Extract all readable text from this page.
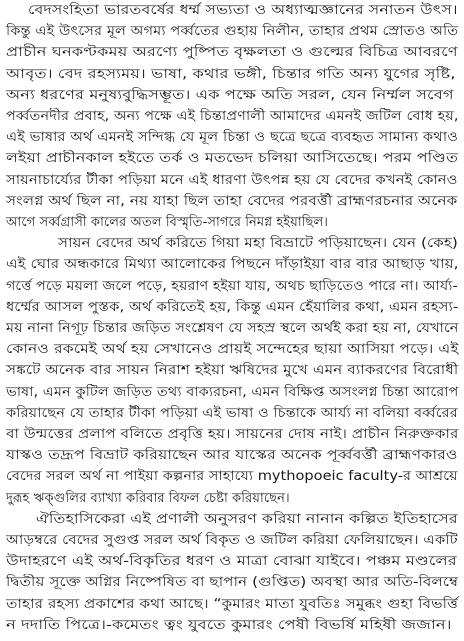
বেদসংহিতা ভারতবর্ষের ধর্ম্ম সভ্যতা ও অধ্যাত্মজ্ঞানের সনাতন উৎস।
কিন্তু এই উৎসের মূল অগম্য পর্ব্বতের গুহায় নিলীন, তাহার প্রথম স্রোতও অতি
প্রাচীন ঘনকণ্টকময় অরণ্যে পুষ্পিত বৃক্ষলতা ও গুল্মের বিচিত্র আবরণে
আবৃত। বেদ রহস্যময়। ভাষা, কথার ভঙ্গী, চিন্তার গতি অন্য যুগের সৃষ্টি,
অন্য ধরণের মনুষ্যবুদ্ধিসম্ভূত। এক পক্ষে অতি সরল, যেন নির্ম্মল সবেগ
পর্ব্বতনদীর প্রবাহ, অন্য পক্ষে এই চিন্তাপ্রণালী আমাদের এমনই জটিল বোধ হয়,
এই ভাষার অর্থ এমনই সন্দিগ্ধ যে মূল চিন্তা ও ছত্রে ছত্রে ব্যবহৃত সামান্য কথাও
লইয়া প্রাচীনকাল হইতে তর্ক ও মতভেদ চলিয়া আসিতেছে। পরম পণ্ডিত
সায়নাচার্য্যের টীকা পড়িয়া মনে এই ধারণা উৎপন্ন হয় যে বেদের কখনই কোনও
সংলগ্ন অর্থ ছিল না, নয় যাহা ছিল তাহা বেদের পরবর্ত্তী ব্রাহ্মণরচনার অনেক
আগে সর্ব্বগ্রাসী কালের অতল বিস্মৃতি-সাগরে নিমগ্ন হইয়াছিল।
সায়ন বেদের অর্থ করিতে গিয়া মহা বিভ্রাটে পড়িয়াছেন। যেন (কেহ)
এই ঘোর অন্ধকারে মিথ্যা আলোকের পিছনে দাঁড়াইয়া বার বার আছাড় খায়,
গর্ত্তে পড়ে ময়লা জলে পড়ে, হয়রাণ হইয়া যায়, অথচ ছাড়িতেও পারে না। আর্য্য-
ধর্ম্মের আসল পুস্তক, অর্থ করিতেই হয়, কিন্তু এমন হেঁয়ালির কথা, এমন রহস্য-
ময় নানা নিগূঢ় চিন্তার জড়িত সংশ্লেষণ যে সহস্র স্থলে অর্থই করা হয় না, যেখানে
কোনও রকমেই অর্থ হয় সেখানেও প্রায়ই সন্দেহের ছায়া আসিয়া পড়ে। এই
সঙ্কটে অনেক বার সায়ন নিরাশ হইয়া ঋষিদের মুখে এমন ব্যাকরণের বিরোধী
ভাষা, এমন কুটিল জড়িত তথ্য বাক্যরচনা, এমন বিক্ষিপ্ত অসংলগ্ন চিন্তা আরোপ
করিয়াছেন যে তাহার টীকা পড়িয়া এই ভাষা ও চিন্তাকে আর্য্য না বলিয়া বর্ব্বরের
বা উন্মত্তের প্রলাপ বলিতে প্রবৃত্তি হয়। সায়নের দোষ নাই। প্রাচীন নিরুক্তকার
যাস্কও তদ্রূপ বিভ্রাট করিয়াছেন আর যাস্কের অনেক পূর্ব্ববর্ত্তী ব্রাহ্মণকারও
বেদের সরল অর্থ না পাইয়া কল্পনার সাহায্যে mythopoeic faculty-র আশ্রয়ে
দুরূহ ঋক্গুলির ব্যাখ্যা করিবার বিফল চেষ্টা করিয়াছেন।
ঐতিহাসিকেরা এই প্রণালী অনুসরণ করিয়া নানান কল্পিত ইতিহাসের
আড়ম্বরে বেদের সুগুপ্ত সরল অর্থ বিকৃত ও জটিল করিয়া ফেলিয়াছেন। একটি
উদাহরণে এই অর্থ-বিকৃতির ধরণ ও মাত্রা বোঝা যাইবে। পঞ্চম মণ্ডলের
দ্বিতীয় সূক্তে অগ্নির নিষ্পেষিত বা ছাপান (গুপ্তিত) অবস্থা আর অতি-বিলম্বে
তাহার রহস্য প্রকাশের কথা আছে। “কুমারং মাতা যুবতিঃ সমুব্ধং গুহা বিভর্ত্তি
ন দদাতি পিত্রে।-কমেতং ত্বং যুবতে কুমারং পেষী বিভর্ষি মহিষী জজান।
